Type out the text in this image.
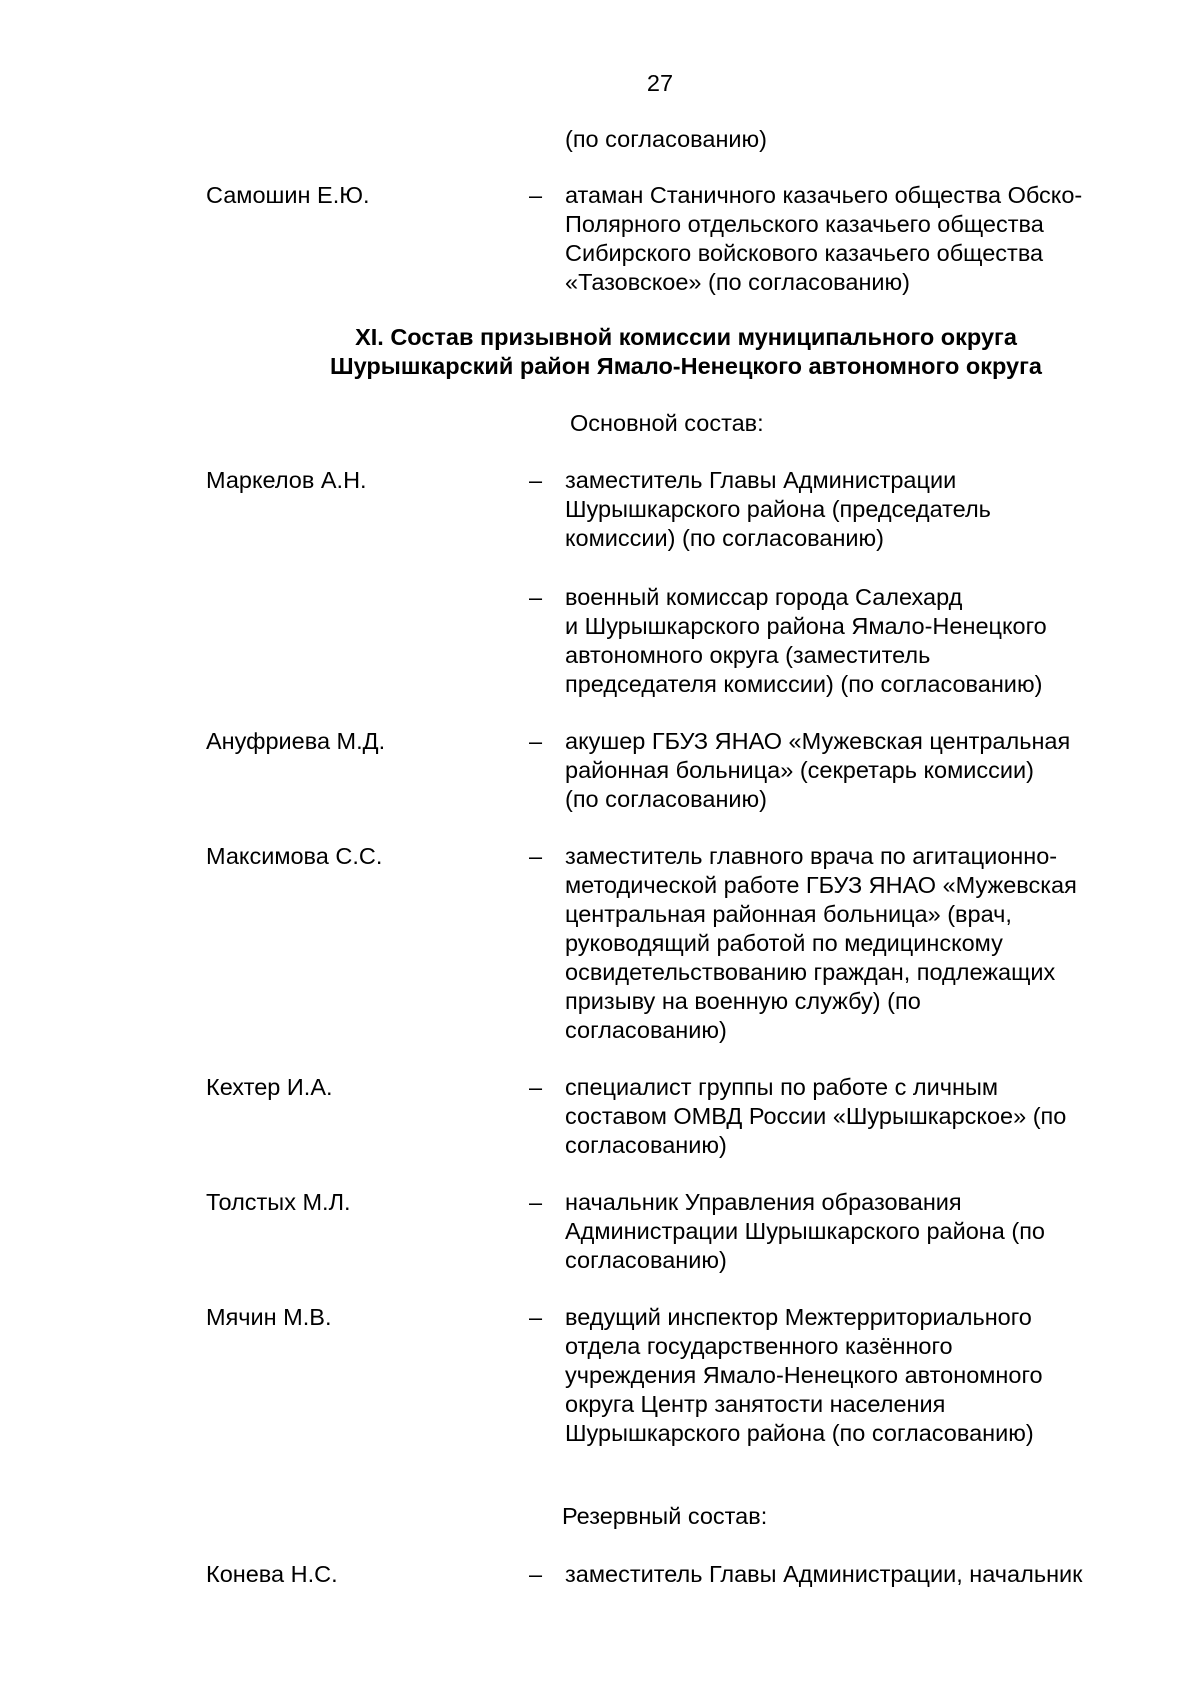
27
(по согласованию)
Самошин Е.Ю.	– атаман Станичного казачьего общества Обско-
Полярного отдельского казачьего общества
Сибирского войскового казачьего общества
«Тазовское» (по согласованию)
XI. Состав призывной комиссии муниципального округа
Шурышкарский район Ямало-Ненецкого автономного округа
Основной состав:
Маркелов А.Н.	– заместитель Главы Администрации
Шурышкарского района (председатель
комиссии) (по согласованию)
– военный комиссар города Салехард
и Шурышкарского района Ямало-Ненецкого
автономного округа (заместитель
председателя комиссии) (по согласованию)
Ануфриева М.Д.	– акушер ГБУЗ ЯНАО «Мужевская центральная
районная больница» (секретарь комиссии)
(по согласованию)
Максимова С.С.	– заместитель главного врача по агитационно-
методической работе ГБУЗ ЯНАО «Мужевская
центральная районная больница» (врач,
руководящий работой по медицинскому
освидетельствованию граждан, подлежащих
призыву на военную службу) (по
согласованию)
Кехтер И.А.	– специалист группы по работе с личным
составом ОМВД России «Шурышкарское» (по
согласованию)
Толстых М.Л.	– начальник Управления образования
Администрации Шурышкарского района (по
согласованию)
Мячин М.В.	– ведущий инспектор Межтерриториального
отдела государственного казённого
учреждения Ямало-Ненецкого автономного
округа Центр занятости населения
Шурышкарского района (по согласованию)
Резервный состав:
Конева Н.С.	– заместитель Главы Администрации, начальник
